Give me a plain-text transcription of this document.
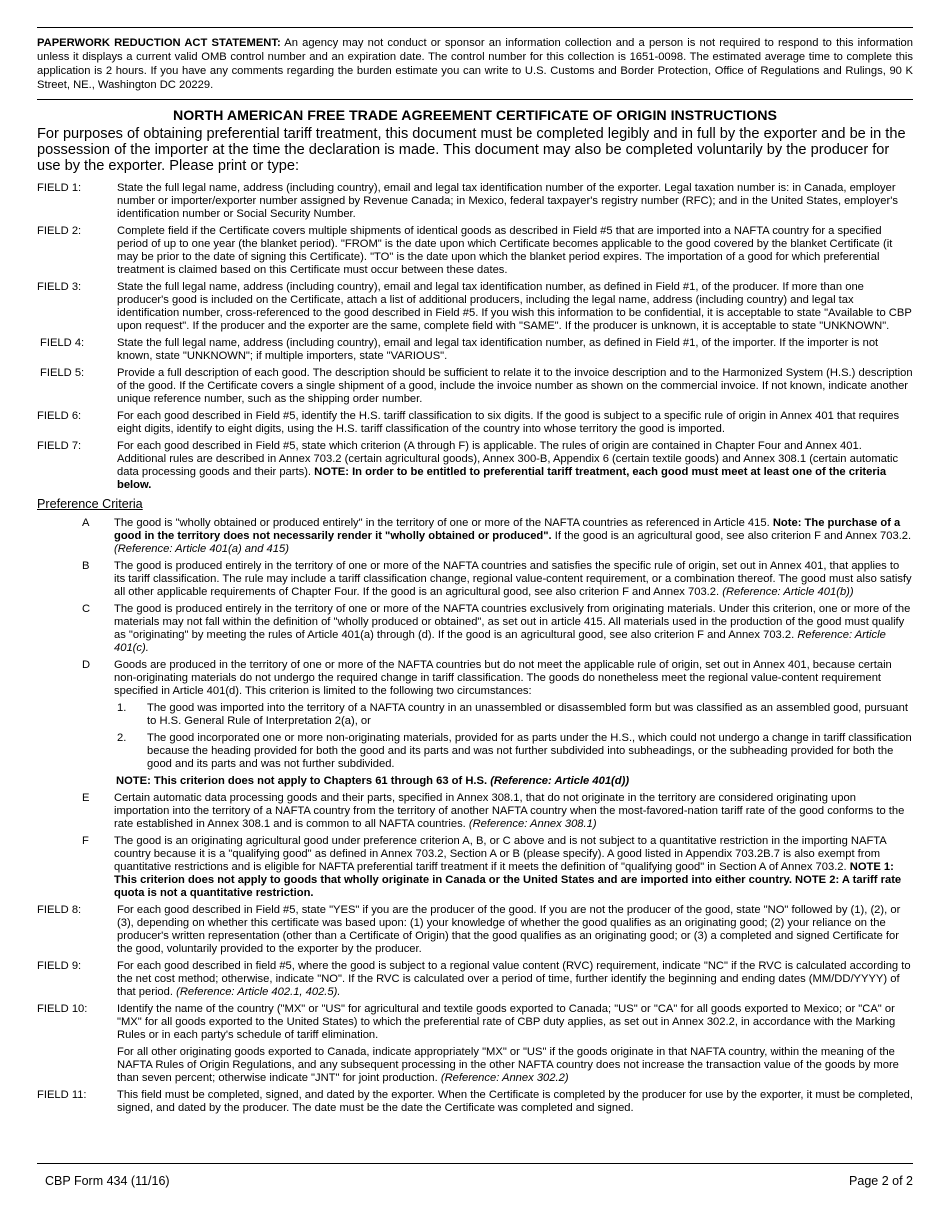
PAPERWORK REDUCTION ACT STATEMENT: An agency may not conduct or sponsor an information collection and a person is not required to respond to this information unless it displays a current valid OMB control number and an expiration date. The control number for this collection is 1651-0098. The estimated average time to complete this application is 2 hours. If you have any comments regarding the burden estimate you can write to U.S. Customs and Border Protection, Office of Regulations and Rulings, 90 K Street, NE., Washington DC 20229.
NORTH AMERICAN FREE TRADE AGREEMENT CERTIFICATE OF ORIGIN INSTRUCTIONS
For purposes of obtaining preferential tariff treatment, this document must be completed legibly and in full by the exporter and be in the possession of the importer at the time the declaration is made. This document may also be completed voluntarily by the producer for use by the exporter. Please print or type:
FIELD 1:	State the full legal name, address (including country), email and legal tax identification number of the exporter. Legal taxation number is: in Canada, employer number or importer/exporter number assigned by Revenue Canada; in Mexico, federal taxpayer's registry number (RFC); and in the United States, employer's identification number or Social Security Number.
FIELD 2:	Complete field if the Certificate covers multiple shipments of identical goods as described in Field #5 that are imported into a NAFTA country for a specified period of up to one year (the blanket period). "FROM" is the date upon which Certificate becomes applicable to the good covered by the blanket Certificate (it may be prior to the date of signing this Certificate). "TO" is the date upon which the blanket period expires. The importation of a good for which preferential treatment is claimed based on this Certificate must occur between these dates.
FIELD 3:	State the full legal name, address (including country), email and legal tax identification number, as defined in Field #1, of the producer. If more than one producer's good is included on the Certificate, attach a list of additional producers, including the legal name, address (including country) and legal tax identification number, cross-referenced to the good described in Field #5. If you wish this information to be confidential, it is acceptable to state "Available to CBP upon request". If the producer and the exporter are the same, complete field with "SAME". If the producer is unknown, it is acceptable to state "UNKNOWN".
FIELD 4:	State the full legal name, address (including country), email and legal tax identification number, as defined in Field #1, of the importer. If the importer is not known, state "UNKNOWN"; if multiple importers, state "VARIOUS".
FIELD 5:	Provide a full description of each good. The description should be sufficient to relate it to the invoice description and to the Harmonized System (H.S.) description of the good. If the Certificate covers a single shipment of a good, include the invoice number as shown on the commercial invoice. If not known, indicate another unique reference number, such as the shipping order number.
FIELD 6:	For each good described in Field #5, identify the H.S. tariff classification to six digits. If the good is subject to a specific rule of origin in Annex 401 that requires eight digits, identify to eight digits, using the H.S. tariff classification of the country into whose territory the good is imported.
FIELD 7:	For each good described in Field #5, state which criterion (A through F) is applicable. The rules of origin are contained in Chapter Four and Annex 401. Additional rules are described in Annex 703.2 (certain agricultural goods), Annex 300-B, Appendix 6 (certain textile goods) and Annex 308.1 (certain automatic data processing goods and their parts). NOTE: In order to be entitled to preferential tariff treatment, each good must meet at least one of the criteria below.
Preference Criteria
A	The good is "wholly obtained or produced entirely" in the territory of one or more of the NAFTA countries as referenced in Article 415. Note: The purchase of a good in the territory does not necessarily render it "wholly obtained or produced". If the good is an agricultural good, see also criterion F and Annex 703.2. (Reference: Article 401(a) and 415)
B	The good is produced entirely in the territory of one or more of the NAFTA countries and satisfies the specific rule of origin, set out in Annex 401, that applies to its tariff classification. The rule may include a tariff classification change, regional value-content requirement, or a combination thereof. The good must also satisfy all other applicable requirements of Chapter Four. If the good is an agricultural good, see also criterion F and Annex 703.2. (Reference: Article 401(b))
C	The good is produced entirely in the territory of one or more of the NAFTA countries exclusively from originating materials. Under this criterion, one or more of the materials may not fall within the definition of "wholly produced or obtained", as set out in article 415. All materials used in the production of the good must qualify as "originating" by meeting the rules of Article 401(a) through (d). If the good is an agricultural good, see also criterion F and Annex 703.2. Reference: Article 401(c).
D	Goods are produced in the territory of one or more of the NAFTA countries but do not meet the applicable rule of origin, set out in Annex 401, because certain non-originating materials do not undergo the required change in tariff classification. The goods do nonetheless meet the regional value-content requirement specified in Article 401(d). This criterion is limited to the following two circumstances:
1.	The good was imported into the territory of a NAFTA country in an unassembled or disassembled form but was classified as an assembled good, pursuant to H.S. General Rule of Interpretation 2(a), or
2.	The good incorporated one or more non-originating materials, provided for as parts under the H.S., which could not undergo a change in tariff classification because the heading provided for both the good and its parts and was not further subdivided into subheadings, or the subheading provided for both the good and its parts and was not further subdivided.
NOTE: This criterion does not apply to Chapters 61 through 63 of H.S. (Reference: Article 401(d))
E	Certain automatic data processing goods and their parts, specified in Annex 308.1, that do not originate in the territory are considered originating upon importation into the territory of a NAFTA country from the territory of another NAFTA country when the most-favored-nation tariff rate of the good conforms to the rate established in Annex 308.1 and is common to all NAFTA countries. (Reference: Annex 308.1)
F	The good is an originating agricultural good under preference criterion A, B, or C above and is not subject to a quantitative restriction in the importing NAFTA country because it is a "qualifying good" as defined in Annex 703.2, Section A or B (please specify). A good listed in Appendix 703.2B.7 is also exempt from quantitative restrictions and is eligible for NAFTA preferential tariff treatment if it meets the definition of "qualifying good" in Section A of Annex 703.2. NOTE 1: This criterion does not apply to goods that wholly originate in Canada or the United States and are imported into either country. NOTE 2: A tariff rate quota is not a quantitative restriction.
FIELD 8:	For each good described in Field #5, state "YES" if you are the producer of the good. If you are not the producer of the good, state "NO" followed by (1), (2), or (3), depending on whether this certificate was based upon: (1) your knowledge of whether the good qualifies as an originating good; (2) your reliance on the producer's written representation (other than a Certificate of Origin) that the good qualifies as an originating good; or (3) a completed and signed Certificate for the good, voluntarily provided to the exporter by the producer.
FIELD 9:	For each good described in field #5, where the good is subject to a regional value content (RVC) requirement, indicate "NC" if the RVC is calculated according to the net cost method; otherwise, indicate "NO". If the RVC is calculated over a period of time, further identify the beginning and ending dates (MM/DD/YYYY) of that period. (Reference: Article 402.1, 402.5).
FIELD 10:	Identify the name of the country ("MX" or "US" for agricultural and textile goods exported to Canada; "US" or "CA" for all goods exported to Mexico; or "CA" or "MX" for all goods exported to the United States) to which the preferential rate of CBP duty applies, as set out in Annex 302.2, in accordance with the Marking Rules or in each party's schedule of tariff elimination.

For all other originating goods exported to Canada, indicate appropriately "MX" or "US" if the goods originate in that NAFTA country, within the meaning of the NAFTA Rules of Origin Regulations, and any subsequent processing in the other NAFTA country does not increase the transaction value of the goods by more than seven percent; otherwise indicate "JNT" for joint production. (Reference: Annex 302.2)

FIELD 11:	This field must be completed, signed, and dated by the exporter. When the Certificate is completed by the producer for use by the exporter, it must be completed, signed, and dated by the producer. The date must be the date the Certificate was completed and signed.
CBP Form 434 (11/16)	Page 2 of 2
